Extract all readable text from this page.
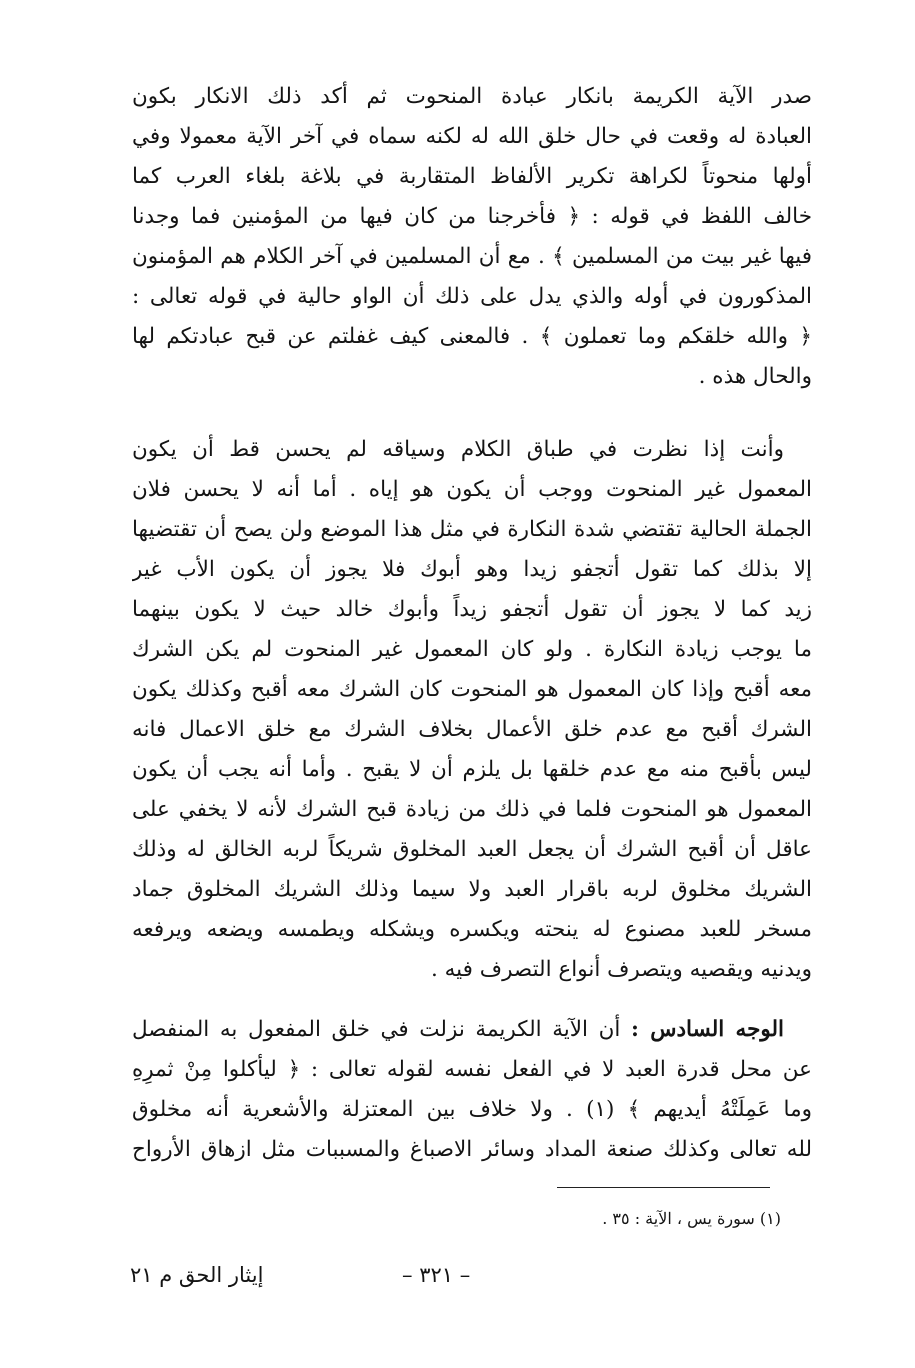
صدر الآية الكريمة بانكار عبادة المنحوت ثم أكد ذلك الانكار بكون
العبادة له وقعت في حال خلق الله له لكنه سماه في آخر الآية معمولا وفي
أولها منحوتاً لكراهة تكرير الألفاظ المتقاربة في بلاغة بلغاء العرب كما
خالف اللفظ في قوله : ﴿ فأخرجنا من كان فيها من المؤمنين فما وجدنا
فيها غير بيت من المسلمين ﴾ . مع أن المسلمين في آخر الكلام هم المؤمنون
المذكورون في أوله والذي يدل على ذلك أن الواو حالية في قوله تعالى :
﴿ والله خلقكم وما تعملون ﴾ . فالمعنى كيف غفلتم عن قبح عبادتكم لها
والحال هذه .
وأنت إذا نظرت في طباق الكلام وسياقه لم يحسن قط أن يكون
المعمول غير المنحوت ووجب أن يكون هو إياه . أما أنه لا يحسن فلان
الجملة الحالية تقتضي شدة النكارة في مثل هذا الموضع ولن يصح أن تقتضيها
إلا بذلك كما تقول أتجفو زيدا وهو أبوك فلا يجوز أن يكون الأب غير
زيد كما لا يجوز أن تقول أتجفو زيداً وأبوك خالد حيث لا يكون بينهما
ما يوجب زيادة النكارة . ولو كان المعمول غير المنحوت لم يكن الشرك
معه أقبح وإذا كان المعمول هو المنحوت كان الشرك معه أقبح وكذلك يكون
الشرك أقبح مع عدم خلق الأعمال بخلاف الشرك مع خلق الاعمال فانه
ليس بأقبح منه مع عدم خلقها بل يلزم أن لا يقبح . وأما أنه يجب أن يكون
المعمول هو المنحوت فلما في ذلك من زيادة قبح الشرك لأنه لا يخفي على
عاقل أن أقبح الشرك أن يجعل العبد المخلوق شريكاً لربه الخالق له وذلك
الشريك مخلوق لربه باقرار العبد ولا سيما وذلك الشريك المخلوق جماد
مسخر للعبد مصنوع له ينحته ويكسره ويشكله ويطمسه ويضعه ويرفعه
ويدنيه ويقصيه ويتصرف أنواع التصرف فيه .
الوجه السادس : أن الآية الكريمة نزلت في خلق المفعول به المنفصل
عن محل قدرة العبد لا في الفعل نفسه لقوله تعالى : ﴿ ليأكلوا مِنْ ثمرِهِ
وما عَمِلَتْهُ أيديهم ﴾ (١) . ولا خلاف بين المعتزلة والأشعرية أنه مخلوق
لله تعالى وكذلك صنعة المداد وسائر الاصباغ والمسببات مثل ازهاق الأرواح
(١) سورة يس ، الآية : ٣٥ .
– ٣٢١ –
إيثار الحق م ٢١
